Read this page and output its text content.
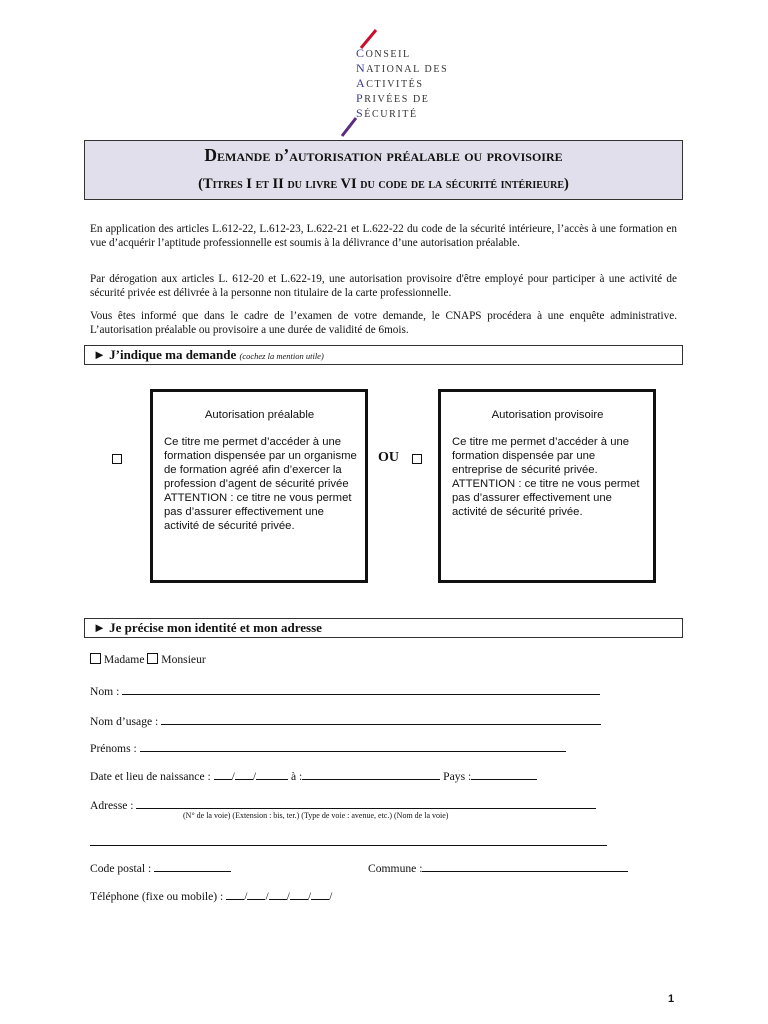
CONSEIL
NATIONAL DES
ACTIVITÉS
PRIVÉES DE
SÉCURITÉ
Demande d’autorisation préalable ou provisoire
(Titres I et II du livre VI du code de la sécurité intérieure)
En application des articles L.612-22, L.612-23, L.622-21 et L.622-22 du code de la sécurité intérieure, l’accès à une formation en vue d’acquérir l’aptitude professionnelle est soumis à la délivrance d’une autorisation préalable.
Par dérogation aux articles L. 612-20 et L.622-19, une autorisation provisoire d'être employé pour participer à une activité de sécurité privée est délivrée à la personne non titulaire de la carte professionnelle.
Vous êtes informé que dans le cadre de l’examen de votre demande, le CNAPS procédera à une enquête administrative. L’autorisation préalable ou provisoire a une durée de validité de 6mois.
► J’indique ma demande (cochez la mention utile)
Autorisation préalable
Ce titre me permet d’accéder à une formation dispensée par un organisme de formation agréé afin d’exercer la profession d’agent de sécurité privée ATTENTION : ce titre ne vous permet pas d’assurer effectivement une activité de sécurité privée.
OU
Autorisation provisoire
Ce titre me permet d’accéder à une formation dispensée par une entreprise de sécurité privée. ATTENTION : ce titre ne vous permet pas d’assurer effectivement une activité de sécurité privée.
► Je précise mon identité et mon adresse
Madame Monsieur
Nom :
Nom d’usage :
Prénoms :
Date et lieu de naissance : / /	à :	Pays :
Adresse :
(N° de la voie) (Extension : bis, ter.) (Type de voie : avenue, etc.) (Nom de la voie)
Code postal :	Commune :
Téléphone (fixe ou mobile) : / / / / /
1
